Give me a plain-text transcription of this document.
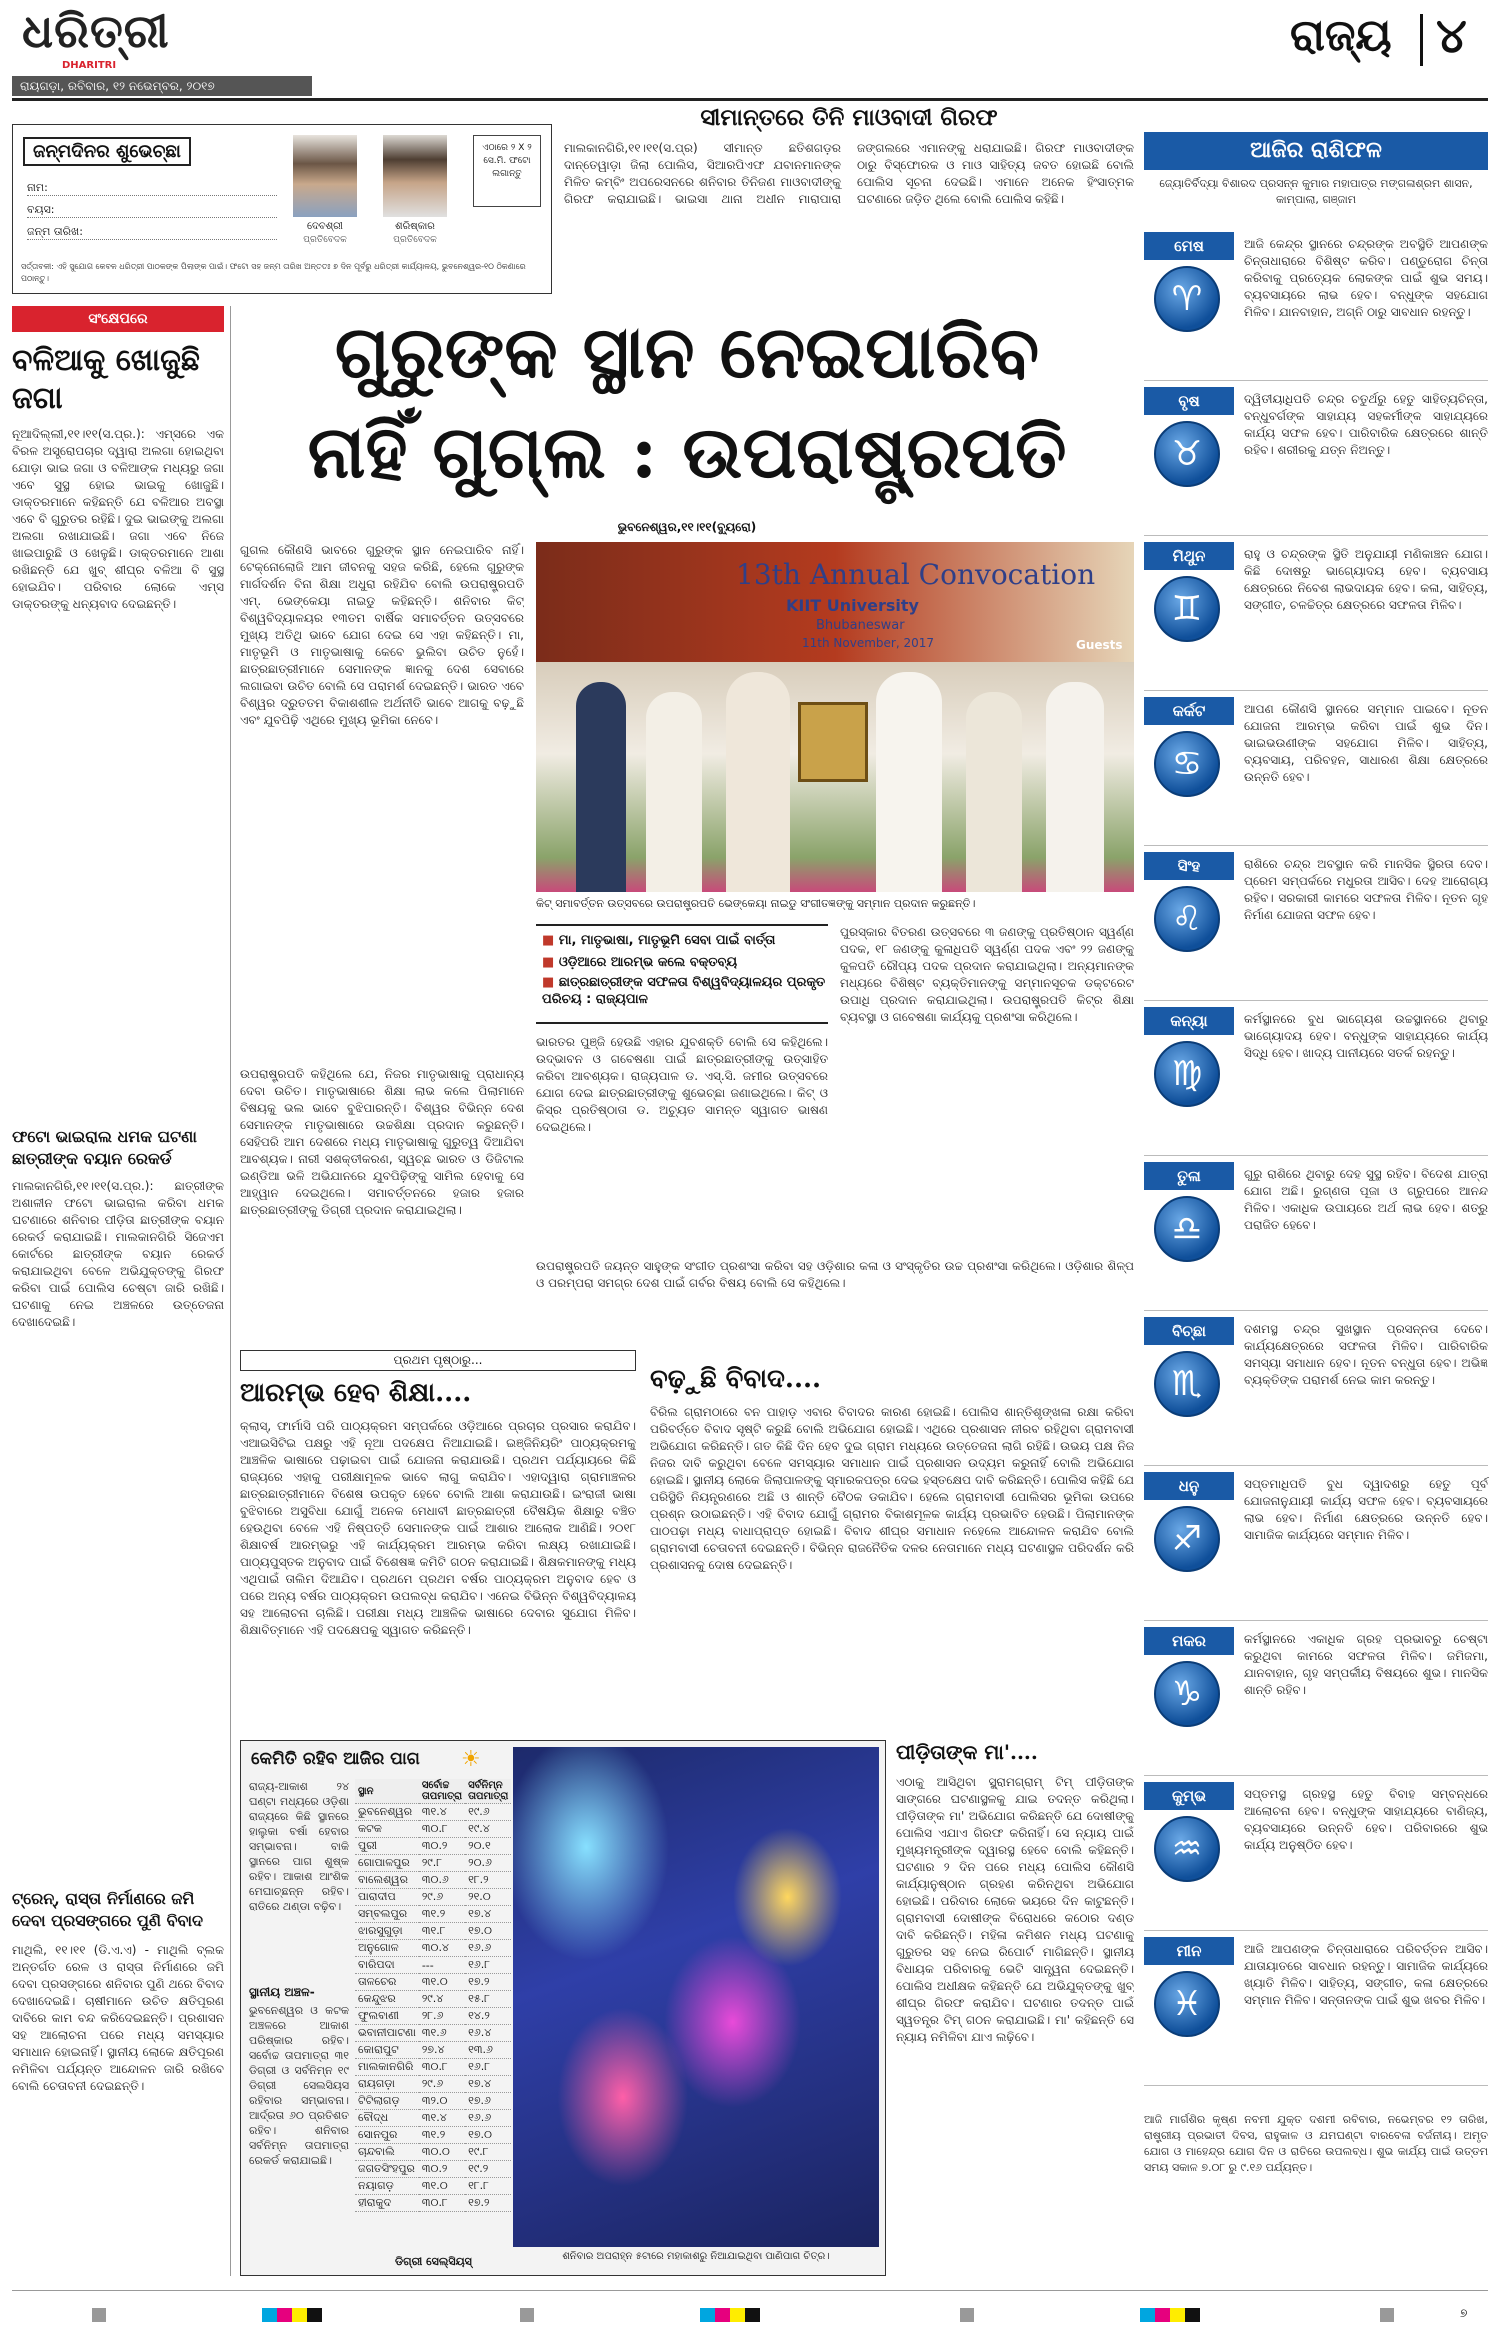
ଧରିତ୍ରୀ
DHARITRI
ରାୟଗଡ଼ା, ରବିବାର, ୧୨ ନଭେମ୍ବର, ୨୦୧୭
ରାଜ୍ୟ ୪
ଜନ୍ମଦିନର ଶୁଭେଚ୍ଛା
ନାମ:
ବୟସ:
ଜନ୍ମ ତାରିଖ:	ଦେବଶ୍ରୀ
ପ୍ରତିବେଦକ
ଶରିଷ୍କାର
ପ୍ରତିବେଦକ
ଏଠାରେ ୨ X ୨ ସେ.ମି. ଫଟୋ ଲଗାନ୍ତୁ
ସର୍ତ୍ତାବଳୀ: ଏହି ସୁଯୋଗ କେବଳ ଧରିତ୍ରୀ ପାଠକଙ୍କ ପିଲାଙ୍କ ପାଇଁ। ଫଟୋ ସହ ଜନ୍ମ ତାରିଖ ଅନ୍ତତଃ ୭ ଦିନ ପୂର୍ବରୁ ଧରିତ୍ରୀ କାର୍ଯ୍ୟାଳୟ, ଭୁବନେଶ୍ୱର-୧୦ ଠିକଣାରେ ପଠାନ୍ତୁ।
ସୀମାନ୍ତରେ ତିନି ମାଓବାଦୀ ଗିରଫ
ମାଲକାନଗିରି,୧୧।୧୧(ସ.ପ୍ର) ସୀମାନ୍ତ ଛତିଶଗଡ଼ର ଦାନ୍ତେୱାଡ଼ା ଜିଲା ପୋଲିସ, ସିଆରପିଏଫ ଯବାନମାନଙ୍କ ମିଳିତ କମ୍ବିଂ ଅପରେସନରେ ଶନିବାର ତିନିଜଣ ମାଓବାଦୀଙ୍କୁ ଗିରଫ କରାଯାଇଛି। ଭାଇସା ଥାନା ଅଧୀନ ମାରାପାରା ଜଙ୍ଗଲରେ ଏମାନଙ୍କୁ ଧରାଯାଇଛି। ଗିରଫ ମାଓବାଦୀଙ୍କ ଠାରୁ ବିସ୍ଫୋରକ ଓ ମାଓ ସାହିତ୍ୟ ଜବତ ହୋଇଛି ବୋଲି ପୋଲିସ ସୂଚନା ଦେଇଛି। ଏମାନେ ଅନେକ ହିଂସାତ୍ମକ ଘଟଣାରେ ଜଡ଼ିତ ଥିଲେ ବୋଲି ପୋଲିସ କହିଛି।
ଆଜିର ରାଶିଫଳ
ଜ୍ୟୋତିର୍ବିଦ୍ୟା ବିଶାରଦ ପ୍ରସନ୍ନ କୁମାର ମହାପାତ୍ର ମଙ୍ଗଳାଶ୍ରମ ଶାସନ, କାମ୍ପାଲା, ଗଞ୍ଜାମ
ମେଷ
♈
ଆଜି କେନ୍ଦ୍ର ସ୍ଥାନରେ ଚନ୍ଦ୍ରଙ୍କ ଅବସ୍ଥିତି ଆପଣଙ୍କ ଚିନ୍ତାଧାରାରେ ବିଶିଷ୍ଟ କରିବ। ପଣ୍ଡୁରୋଗ ଚିନ୍ତା କରିବାକୁ ପ୍ରତ୍ୟେକ ଲୋକଙ୍କ ପାଇଁ ଶୁଭ ସମୟ। ବ୍ୟବସାୟରେ ଲାଭ ହେବ। ବନ୍ଧୁଙ୍କ ସହଯୋଗ ମିଳିବ। ଯାନବାହାନ, ଅଗ୍ନି ଠାରୁ ସାବଧାନ ରହନ୍ତୁ।
ବୃଷ
♉
ଦ୍ୱିତୀୟାଧିପତି ଚନ୍ଦ୍ର ଚତୁର୍ଥରୁ ହେତୁ ସାହିତ୍ୟଚିନ୍ତା, ବନ୍ଧୁବର୍ଗଙ୍କ ସାହାଯ୍ୟ ସହକର୍ମୀଙ୍କ ସାହାଯ୍ୟରେ କାର୍ଯ୍ୟ ସଫଳ ହେବ। ପାରିବାରିକ କ୍ଷେତ୍ରରେ ଶାନ୍ତି ରହିବ। ଶରୀରକୁ ଯତ୍ନ ନିଅନ୍ତୁ।
ମିଥୁନ
♊
ରାହୁ ଓ ଚନ୍ଦ୍ରଙ୍କ ସ୍ଥିତି ଅନୁଯାୟୀ ମଣିକାଞ୍ଚନ ଯୋଗ। କିଛି ଦୋଷରୁ ଭାଗ୍ୟୋଦୟ ହେବ। ବ୍ୟବସାୟ କ୍ଷେତ୍ରରେ ନିବେଶ ଲାଭଦାୟକ ହେବ। କଳା, ସାହିତ୍ୟ, ସଙ୍ଗୀତ, ଚଳଚ୍ଚିତ୍ର କ୍ଷେତ୍ରରେ ସଫଳତା ମିଳିବ।
କର୍କଟ
♋
ଆପଣ କୌଣସି ସ୍ଥାନରେ ସମ୍ମାନ ପାଇବେ। ନୂତନ ଯୋଜନା ଆରମ୍ଭ କରିବା ପାଇଁ ଶୁଭ ଦିନ। ଭାଇଭଉଣୀଙ୍କ ସହଯୋଗ ମିଳିବ। ସାହିତ୍ୟ, ବ୍ୟବସାୟ, ପରିବହନ, ସାଧାରଣ ଶିକ୍ଷା କ୍ଷେତ୍ରରେ ଉନ୍ନତି ହେବ।
ସିଂହ
♌
ରାଶିରେ ଚନ୍ଦ୍ର ଅବସ୍ଥାନ କରି ମାନସିକ ସ୍ଥିରତା ଦେବ। ପ୍ରେମ ସମ୍ପର୍କରେ ମଧୁରତା ଆସିବ। ଦେହ ଆରୋଗ୍ୟ ରହିବ। ସରକାରୀ କାମରେ ସଫଳତା ମିଳିବ। ନୂତନ ଗୃହ ନିର୍ମାଣ ଯୋଜନା ସଫଳ ହେବ।
କନ୍ୟା
♍
କର୍ମସ୍ଥାନରେ ବୁଧ ଭାଗ୍ୟେଶ ଉଚ୍ଚସ୍ଥାନରେ ଥିବାରୁ ଭାଗ୍ୟୋଦୟ ହେବ। ବନ୍ଧୁଙ୍କ ସାହାଯ୍ୟରେ କାର୍ଯ୍ୟ ସିଦ୍ଧି ହେବ। ଖାଦ୍ୟ ପାନୀୟରେ ସତର୍କ ରହନ୍ତୁ।
ତୁଳା
♎
ଗୁରୁ ରାଶିରେ ଥିବାରୁ ଦେହ ସୁସ୍ଥ ରହିବ। ବିଦେଶ ଯାତ୍ରା ଯୋଗ ଅଛି। ରୁଗ୍‌ଣତା ପୂଜା ଓ ଗ୍ରୁପରେ ଆନନ୍ଦ ମିଳିବ। ଏକାଧିକ ଉପାୟରେ ଅର୍ଥ ଲାଭ ହେବ। ଶତ୍ରୁ ପରାଜିତ ହେବେ।
ବିଚ୍ଛା
♏
ଦଶମସ୍ଥ ଚନ୍ଦ୍ର ସୁଖସ୍ଥାନ ପ୍ରସନ୍ନତା ଦେବେ। କାର୍ଯ୍ୟକ୍ଷେତ୍ରରେ ସଫଳତା ମିଳିବ। ପାରିବାରିକ ସମସ୍ୟା ସମାଧାନ ହେବ। ନୂତନ ବନ୍ଧୁତା ହେବ। ଅଭିଜ୍ଞ ବ୍ୟକ୍ତିଙ୍କ ପରାମର୍ଶ ନେଇ କାମ କରନ୍ତୁ।
ଧନୁ
♐
ସପ୍ତମାଧିପତି ବୁଧ ଦ୍ୱାଦଶରୁ ହେତୁ ପୂର୍ବ ଯୋଜନାନୁଯାୟୀ କାର୍ଯ୍ୟ ସଫଳ ହେବ। ବ୍ୟବସାୟରେ ଲାଭ ହେବ। ନିର୍ମାଣ କ୍ଷେତ୍ରରେ ଉନ୍ନତି ହେବ। ସାମାଜିକ କାର୍ଯ୍ୟରେ ସମ୍ମାନ ମିଳିବ।
ମକର
♑
କର୍ମସ୍ଥାନରେ ଏକାଧିକ ଗ୍ରହ ପ୍ରଭାବରୁ ଚେଷ୍ଟା କରୁଥିବା କାମରେ ସଫଳତା ମିଳିବ। ଜମିଜମା, ଯାନବାହାନ, ଗୃହ ସମ୍ପର୍କୀୟ ବିଷୟରେ ଶୁଭ। ମାନସିକ ଶାନ୍ତି ରହିବ।
କୁମ୍ଭ
♒
ସପ୍ତମସ୍ଥ ଗ୍ରହସ୍ଥ ହେତୁ ବିବାହ ସମ୍ବନ୍ଧରେ ଆଲୋଚନା ହେବ। ବନ୍ଧୁଙ୍କ ସାହାଯ୍ୟରେ ବାଣିଜ୍ୟ, ବ୍ୟବସାୟରେ ଉନ୍ନତି ହେବ। ପରିବାରରେ ଶୁଭ କାର୍ଯ୍ୟ ଅନୁଷ୍ଠିତ ହେବ।
ମୀନ
♓
ଆଜି ଆପଣଙ୍କ ଚିନ୍ତାଧାରାରେ ପରିବର୍ତ୍ତନ ଆସିବ। ଯାତାୟାତରେ ସାବଧାନ ରହନ୍ତୁ। ସାମାଜିକ କାର୍ଯ୍ୟରେ ଖ୍ୟାତି ମିଳିବ। ସାହିତ୍ୟ, ସଙ୍ଗୀତ, କଳା କ୍ଷେତ୍ରରେ ସମ୍ମାନ ମିଳିବ। ସନ୍ତାନଙ୍କ ପାଇଁ ଶୁଭ ଖବର ମିଳିବ।
ଆଜି ମାର୍ଗଶିର କୃଷ୍ଣ ନବମୀ ଯୁକ୍ତ ଦଶମୀ ରବିବାର, ନଭେମ୍ବର ୧୨ ତାରିଖ, ରାଷ୍ଟ୍ରୀୟ ପ୍ରଭାତୀ ଦିବସ, ରାହୁକାଳ ଓ ଯମଘଣ୍ଟା ବାରବେଳା ବର୍ଜନୀୟ। ଅମୃତ ଯୋଗ ଓ ମାହେନ୍ଦ୍ର ଯୋଗ ଦିନ ଓ ରାତିରେ ଉପଲବ୍ଧ। ଶୁଭ କାର୍ଯ୍ୟ ପାଇଁ ଉତ୍ତମ ସମୟ ସକାଳ ୭.୦୮ ରୁ ୯.୧୬ ପର୍ଯ୍ୟନ୍ତ।
ସଂକ୍ଷେପରେ
ବଳିଆକୁ ଖୋଜୁଛି ଜଗା
ନୂଆଦିଲ୍ଲୀ,୧୧।୧୧(ସ.ପ୍ର.): ଏମ୍ସରେ ଏକ ବିରଳ ଅସ୍ତ୍ରୋପଚାର ଦ୍ୱାରା ଅଲଗା ହୋଇଥିବା ଯୋଡ଼ା ଭାଇ ଜଗା ଓ ବଳିଆଙ୍କ ମଧ୍ୟରୁ ଜଗା ଏବେ ସୁସ୍ଥ ହୋଇ ଭାଇକୁ ଖୋଜୁଛି। ଡାକ୍ତରମାନେ କହିଛନ୍ତି ଯେ ବଳିଆର ଅବସ୍ଥା ଏବେ ବି ଗୁରୁତର ରହିଛି। ଦୁଇ ଭାଇଙ୍କୁ ଅଲଗା ଅଲଗା ରଖାଯାଇଛି। ଜଗା ଏବେ ନିଜେ ଖାଇପାରୁଛି ଓ ଖେଳୁଛି। ଡାକ୍ତରମାନେ ଆଶା ରଖିଛନ୍ତି ଯେ ଖୁବ୍ ଶୀଘ୍ର ବଳିଆ ବି ସୁସ୍ଥ ହୋଇଯିବ। ପରିବାର ଲୋକେ ଏମ୍ସ ଡାକ୍ତରଙ୍କୁ ଧନ୍ୟବାଦ ଦେଇଛନ୍ତି।
ଫଟୋ ଭାଇରାଲ ଧମକ ଘଟଣା ଛାତ୍ରୀଙ୍କ ବୟାନ ରେକର୍ଡ
ମାଲକାନଗିରି,୧୧।୧୧(ସ.ପ୍ର.): ଛାତ୍ରୀଙ୍କ ଅଶାଳୀନ ଫଟୋ ଭାଇରାଲ କରିବା ଧମକ ଘଟଣାରେ ଶନିବାର ପୀଡ଼ିତା ଛାତ୍ରୀଙ୍କ ବୟାନ ରେକର୍ଡ କରାଯାଇଛି। ମାଲକାନଗିରି ସିଜେଏମ କୋର୍ଟରେ ଛାତ୍ରୀଙ୍କ ବୟାନ ରେକର୍ଡ କରାଯାଇଥିବା ବେଳେ ଅଭିଯୁକ୍ତଙ୍କୁ ଗିରଫ କରିବା ପାଇଁ ପୋଲିସ ଚେଷ୍ଟା ଜାରି ରଖିଛି। ଘଟଣାକୁ ନେଇ ଅଞ୍ଚଳରେ ଉତ୍ତେଜନା ଦେଖାଦେଇଛି।
ଟ୍ରେନ୍‌, ରାସ୍ତା ନିର୍ମାଣରେ ଜମି ଦେବା ପ୍ରସଙ୍ଗରେ ପୁଣି ବିବାଦ
ମାଥିଲି, ୧୧।୧୧ (ଡି.ଏ.ଏ) - ମାଥିଲି ବ୍ଲକ ଅନ୍ତର୍ଗତ ରେଳ ଓ ରାସ୍ତା ନିର୍ମାଣରେ ଜମି ଦେବା ପ୍ରସଙ୍ଗରେ ଶନିବାର ପୁଣି ଥରେ ବିବାଦ ଦେଖାଦେଇଛି। ଚାଷୀମାନେ ଉଚିତ କ୍ଷତିପୂରଣ ଦାବିରେ କାମ ବନ୍ଦ କରିଦେଇଛନ୍ତି। ପ୍ରଶାସନ ସହ ଆଲୋଚନା ପରେ ମଧ୍ୟ ସମସ୍ୟାର ସମାଧାନ ହୋଇନାହିଁ। ସ୍ଥାନୀୟ ଲୋକେ କ୍ଷତିପୂରଣ ନମିଳିବା ପର୍ଯ୍ୟନ୍ତ ଆନ୍ଦୋଳନ ଜାରି ରଖିବେ ବୋଲି ଚେତାବନୀ ଦେଇଛନ୍ତି।
ଗୁରୁଙ୍କ ସ୍ଥାନ ନେଇପାରିବ
ନାହିଁ ଗୁଗ୍‌ଲ : ଉପରାଷ୍ଟ୍ରପତି
ଭୁବନେଶ୍ୱର,୧୧।୧୧(ବ୍ୟୁରୋ)
ଗୁଗଲ କୌଣସି ଭାବରେ ଗୁରୁଙ୍କ ସ୍ଥାନ ନେଇପାରିବ ନାହିଁ। ଟେକ୍ନୋଲୋଜି ଆମ ଜୀବନକୁ ସହଜ କରିଛି, ହେଲେ ଗୁରୁଙ୍କ ମାର୍ଗଦର୍ଶନ ବିନା ଶିକ୍ଷା ଅଧୁରା ରହିଯିବ ବୋଲି ଉପରାଷ୍ଟ୍ରପତି ଏମ୍‌. ଭେଙ୍କେୟା ନାଇଡୁ କହିଛନ୍ତି। ଶନିବାର କିଟ୍‌ ବିଶ୍ୱବିଦ୍ୟାଳୟର ୧୩ତମ ବାର୍ଷିକ ସମାବର୍ତ୍ତନ ଉତ୍ସବରେ ମୁଖ୍ୟ ଅତିଥି ଭାବେ ଯୋଗ ଦେଇ ସେ ଏହା କହିଛନ୍ତି। ମା, ମାତୃଭୂମି ଓ ମାତୃଭାଷାକୁ କେବେ ଭୁଲିବା ଉଚିତ ନୁହେଁ। ଛାତ୍ରଛାତ୍ରୀମାନେ ସେମାନଙ୍କ ଜ୍ଞାନକୁ ଦେଶ ସେବାରେ ଲଗାଇବା ଉଚିତ ବୋଲି ସେ ପରାମର୍ଶ ଦେଇଛନ୍ତି। ଭାରତ ଏବେ ବିଶ୍ୱର ଦ୍ରୁତତମ ବିକାଶଶୀଳ ଅର୍ଥନୀତି ଭାବେ ଆଗକୁ ବଢ଼ୁଛି ଏବଂ ଯୁବପିଢ଼ି ଏଥିରେ ମୁଖ୍ୟ ଭୂମିକା ନେବେ।
13th Annual Convocation
KIIT University
Bhubaneswar
11th November, 2017	Guests
କିଟ୍‌ ସମାବର୍ତ୍ତନ ଉତ୍ସବରେ ଉପରାଷ୍ଟ୍ରପତି ଭେଙ୍କେୟା ନାଇଡୁ ସଂଗୀତଜ୍ଞଙ୍କୁ ସମ୍ମାନ ପ୍ରଦାନ କରୁଛନ୍ତି।
ପୁରସ୍କାର ବିତରଣ ଉତ୍ସବରେ ୩ ଜଣଙ୍କୁ ପ୍ରତିଷ୍ଠାନ ସ୍ୱର୍ଣ୍ଣ ପଦକ, ୧୮ ଜଣଙ୍କୁ କୁଳାଧିପତି ସ୍ୱର୍ଣ୍ଣ ପଦକ ଏବଂ ୨୨ ଜଣଙ୍କୁ କୁଳପତି ରୌପ୍ୟ ପଦକ ପ୍ରଦାନ କରାଯାଇଥିଲା। ଅନ୍ୟମାନଙ୍କ ମଧ୍ୟରେ ବିଶିଷ୍ଟ ବ୍ୟକ୍ତିମାନଙ୍କୁ ସମ୍ମାନସୂଚକ ଡକ୍ଟରେଟ ଉପାଧି ପ୍ରଦାନ କରାଯାଇଥିଲା। ଉପରାଷ୍ଟ୍ରପତି କିଟ୍‌ର ଶିକ୍ଷା ବ୍ୟବସ୍ଥା ଓ ଗବେଷଣା କାର୍ଯ୍ୟକୁ ପ୍ରଶଂସା କରିଥିଲେ।
■ ମା, ମାତୃଭାଷା, ମାତୃଭୂମି ସେବା ପାଇଁ ବାର୍ତ୍ତା
■ ଓଡ଼ିଆରେ ଆରମ୍ଭ କଲେ ବକ୍ତବ୍ୟ
■ ଛାତ୍ରଛାତ୍ରୀଙ୍କ ସଫଳତା ବିଶ୍ୱବିଦ୍ୟାଳୟର ପ୍ରକୃତ ପରିଚୟ : ରାଜ୍ୟପାଳ
ଭାରତର ପୁଞ୍ଜି ହେଉଛି ଏହାର ଯୁବଶକ୍ତି ବୋଲି ସେ କହିଥିଲେ। ଉଦ୍ଭାବନ ଓ ଗବେଷଣା ପାଇଁ ଛାତ୍ରଛାତ୍ରୀଙ୍କୁ ଉତ୍ସାହିତ କରିବା ଆବଶ୍ୟକ। ରାଜ୍ୟପାଳ ଡ. ଏସ୍‌.ସି. ଜମୀର ଉତ୍ସବରେ ଯୋଗ ଦେଇ ଛାତ୍ରଛାତ୍ରୀଙ୍କୁ ଶୁଭେଚ୍ଛା ଜଣାଇଥିଲେ। କିଟ୍‌ ଓ କିସ୍‌ର ପ୍ରତିଷ୍ଠାତା ଡ. ଅଚ୍ୟୁତ ସାମନ୍ତ ସ୍ୱାଗତ ଭାଷଣ ଦେଇଥିଲେ।
ଉପରାଷ୍ଟ୍ରପତି କହିଥିଲେ ଯେ, ନିଜର ମାତୃଭାଷାକୁ ପ୍ରାଧାନ୍ୟ ଦେବା ଉଚିତ। ମାତୃଭାଷାରେ ଶିକ୍ଷା ଲାଭ କଲେ ପିଲାମାନେ ବିଷୟକୁ ଭଲ ଭାବେ ବୁଝିପାରନ୍ତି। ବିଶ୍ୱର ବିଭିନ୍ନ ଦେଶ ସେମାନଙ୍କ ମାତୃଭାଷାରେ ଉଚ୍ଚଶିକ୍ଷା ପ୍ରଦାନ କରୁଛନ୍ତି। ସେହିପରି ଆମ ଦେଶରେ ମଧ୍ୟ ମାତୃଭାଷାକୁ ଗୁରୁତ୍ୱ ଦିଆଯିବା ଆବଶ୍ୟକ। ନାରୀ ସଶକ୍ତୀକରଣ, ସ୍ୱଚ୍ଛ ଭାରତ ଓ ଡିଜିଟାଲ ଇଣ୍ଡିଆ ଭଳି ଅଭିଯାନରେ ଯୁବପିଢ଼ିଙ୍କୁ ସାମିଲ ହେବାକୁ ସେ ଆହ୍ୱାନ ଦେଇଥିଲେ। ସମାବର୍ତ୍ତନରେ ହଜାର ହଜାର ଛାତ୍ରଛାତ୍ରୀଙ୍କୁ ଡିଗ୍ରୀ ପ୍ରଦାନ କରାଯାଇଥିଲା।
ଉପରାଷ୍ଟ୍ରପତି ଜୟନ୍ତ ସାହୁଙ୍କ ସଂଗୀତ ପ୍ରଶଂସା କରିବା ସହ ଓଡ଼ିଶାର କଳା ଓ ସଂସ୍କୃତିର ଉଚ୍ଚ ପ୍ରଶଂସା କରିଥିଲେ। ଓଡ଼ିଶାର ଶିଳ୍ପ ଓ ପରମ୍ପରା ସମଗ୍ର ଦେଶ ପାଇଁ ଗର୍ବର ବିଷୟ ବୋଲି ସେ କହିଥିଲେ।
ପ୍ରଥମ ପୃଷ୍ଠାରୁ...
ଆରମ୍ଭ ହେବ ଶିକ୍ଷା....
କ୍ଲାସ୍‌, ଫାର୍ମାସି ପରି ପାଠ୍ୟକ୍ରମ ସମ୍ପର୍କରେ ଓଡ଼ିଆରେ ପ୍ରଚାର ପ୍ରସାର କରାଯିବ। ଏଆଇସିଟିଇ ପକ୍ଷରୁ ଏହି ନୂଆ ପଦକ୍ଷେପ ନିଆଯାଇଛି। ଇଞ୍ଜିନିୟରିଂ ପାଠ୍ୟକ୍ରମକୁ ଆଞ୍ଚଳିକ ଭାଷାରେ ପଢ଼ାଇବା ପାଇଁ ଯୋଜନା କରାଯାଉଛି। ପ୍ରଥମ ପର୍ଯ୍ୟାୟରେ କିଛି ରାଜ୍ୟରେ ଏହାକୁ ପରୀକ୍ଷାମୂଳକ ଭାବେ ଲାଗୁ କରାଯିବ। ଏହାଦ୍ୱାରା ଗ୍ରାମାଞ୍ଚଳର ଛାତ୍ରଛାତ୍ରୀମାନେ ବିଶେଷ ଉପକୃତ ହେବେ ବୋଲି ଆଶା କରାଯାଉଛି। ଇଂରାଜୀ ଭାଷା ବୁଝିବାରେ ଅସୁବିଧା ଯୋଗୁଁ ଅନେକ ମେଧାବୀ ଛାତ୍ରଛାତ୍ରୀ ବୈଷୟିକ ଶିକ୍ଷାରୁ ବଞ୍ଚିତ ହେଉଥିବା ବେଳେ ଏହି ନିଷ୍ପତ୍ତି ସେମାନଙ୍କ ପାଇଁ ଆଶାର ଆଲୋକ ଆଣିଛି। ୨୦୧୮ ଶିକ୍ଷାବର୍ଷ ଆରମ୍ଭରୁ ଏହି କାର୍ଯ୍ୟକ୍ରମ ଆରମ୍ଭ କରିବା ଲକ୍ଷ୍ୟ ରଖାଯାଇଛି। ପାଠ୍ୟପୁସ୍ତକ ଅନୁବାଦ ପାଇଁ ବିଶେଷଜ୍ଞ କମିଟି ଗଠନ କରାଯାଇଛି। ଶିକ୍ଷକମାନଙ୍କୁ ମଧ୍ୟ ଏଥିପାଇଁ ତାଲିମ ଦିଆଯିବ। ପ୍ରଥମେ ପ୍ରଥମ ବର୍ଷର ପାଠ୍ୟକ୍ରମ ଅନୁବାଦ ହେବ ଓ ପରେ ଅନ୍ୟ ବର୍ଷର ପାଠ୍ୟକ୍ରମ ଉପଲବ୍ଧ କରାଯିବ। ଏନେଇ ବିଭିନ୍ନ ବିଶ୍ୱବିଦ୍ୟାଳୟ ସହ ଆଲୋଚନା ଚାଲିଛି। ପରୀକ୍ଷା ମଧ୍ୟ ଆଞ୍ଚଳିକ ଭାଷାରେ ଦେବାର ସୁଯୋଗ ମିଳିବ। ଶିକ୍ଷାବିତ୍‌ମାନେ ଏହି ପଦକ୍ଷେପକୁ ସ୍ୱାଗତ କରିଛନ୍ତି।
ବଢ଼ୁଛି ବିବାଦ....
ବିରିଲ ଗ୍ରାମଠାରେ ବନ ପାହାଡ଼ ଏବାର ବିବାଦର କାରଣ ହୋଇଛି। ପୋଲିସ ଶାନ୍ତିଶୃଙ୍ଖଳା ରକ୍ଷା କରିବା ପରିବର୍ତ୍ତେ ବିବାଦ ସୃଷ୍ଟି କରୁଛି ବୋଲି ଅଭିଯୋଗ ହୋଇଛି। ଏଥିରେ ପ୍ରଶାସନ ନୀରବ ରହିଥିବା ଗ୍ରାମବାସୀ ଅଭିଯୋଗ କରିଛନ୍ତି। ଗତ କିଛି ଦିନ ହେବ ଦୁଇ ଗ୍ରାମ ମଧ୍ୟରେ ଉତ୍ତେଜନା ଲାଗି ରହିଛି। ଉଭୟ ପକ୍ଷ ନିଜ ନିଜର ଦାବି କରୁଥିବା ବେଳେ ସମସ୍ୟାର ସମାଧାନ ପାଇଁ ପ୍ରଶାସନ ଉଦ୍ୟମ କରୁନାହିଁ ବୋଲି ଅଭିଯୋଗ ହୋଇଛି। ସ୍ଥାନୀୟ ଲୋକେ ଜିଲାପାଳଙ୍କୁ ସ୍ମାରକପତ୍ର ଦେଇ ହସ୍ତକ୍ଷେପ ଦାବି କରିଛନ୍ତି। ପୋଲିସ କହିଛି ଯେ ପରିସ୍ଥିତି ନିୟନ୍ତ୍ରଣରେ ଅଛି ଓ ଶାନ୍ତି ବୈଠକ ଡକାଯିବ। ହେଲେ ଗ୍ରାମବାସୀ ପୋଲିସର ଭୂମିକା ଉପରେ ପ୍ରଶ୍ନ ଉଠାଇଛନ୍ତି। ଏହି ବିବାଦ ଯୋଗୁଁ ଗ୍ରାମର ବିକାଶମୂଳକ କାର୍ଯ୍ୟ ପ୍ରଭାବିତ ହେଉଛି। ପିଲାମାନଙ୍କ ପାଠପଢ଼ା ମଧ୍ୟ ବାଧାପ୍ରାପ୍ତ ହୋଇଛି। ବିବାଦ ଶୀଘ୍ର ସମାଧାନ ନହେଲେ ଆନ୍ଦୋଳନ କରାଯିବ ବୋଲି ଗ୍ରାମବାସୀ ଚେତାବନୀ ଦେଇଛନ୍ତି। ବିଭିନ୍ନ ରାଜନୈତିକ ଦଳର ନେତାମାନେ ମଧ୍ୟ ଘଟଣାସ୍ଥଳ ପରିଦର୍ଶନ କରି ପ୍ରଶାସନକୁ ଦୋଷ ଦେଇଛନ୍ତି।
କେମିତି ରହିବ ଆଜିର ପାଗ ☀
ରାଜ୍ୟ-ଆକାଶ ୨୪ ଘଣ୍ଟା ମଧ୍ୟରେ ଓଡ଼ିଶା ରାଜ୍ୟରେ କିଛି ସ୍ଥାନରେ ହାଲୁକା ବର୍ଷା ହେବାର ସମ୍ଭାବନା। ବାକି ସ୍ଥାନରେ ପାଗ ଶୁଷ୍କ ରହିବ। ଆକାଶ ଆଂଶିକ ମେଘାଚ୍ଛନ୍ନ ରହିବ। ରାତିରେ ଥଣ୍ଡା ବଢ଼ିବ।
ସ୍ଥାନୀୟ ଅଞ୍ଚଳ-
ଭୁବନେଶ୍ୱର ଓ କଟକ ଅଞ୍ଚଳରେ ଆକାଶ ପରିଷ୍କାର ରହିବ। ସର୍ବୋଚ୍ଚ ତାପମାତ୍ରା ୩୧ ଡିଗ୍ରୀ ଓ ସର୍ବନିମ୍ନ ୧୯ ଡିଗ୍ରୀ ସେଲସିୟସ ରହିବାର ସମ୍ଭାବନା। ଆର୍ଦ୍ରତା ୬୦ ପ୍ରତିଶତ ରହିବ। ଶନିବାର ସର୍ବନିମ୍ନ ତାପମାତ୍ରା ରେକର୍ଡ କରାଯାଇଛି।
ସ୍ଥାନ	ସର୍ବୋଚ୍ଚ ତାପମାତ୍ରା	ସର୍ବନିମ୍ନ ତାପମାତ୍ରା
ଭୁବନେଶ୍ୱର	୩୧.୪	୧୯.୬
କଟକ	୩୦.୮	୧୯.୪
ପୁରୀ	୩୦.୨	୨୦.୧
ଗୋପାଳପୁର	୨୯.୮	୨୦.୬
ବାଲେଶ୍ୱର	୩୦.୬	୧୮.୨
ପାରାଦୀପ	୨୯.୬	୨୧.୦
ସମ୍ବଲପୁର	୩୧.୨	୧୭.୪
ଝାରସୁଗୁଡ଼ା	୩୧.୮	୧୭.୦
ଅନୁଗୋଳ	୩୦.୪	୧୬.୬
ବାରିପଦା	---	୧୬.୮
ତାଳଚେର	୩୧.୦	୧୭.୨
କେନ୍ଦୁଝର	୨୯.୪	୧୫.୮
ଫୁଲବାଣୀ	୨୮.୬	୧୪.୨
ଭବାନୀପାଟଣା	୩୧.୬	୧୬.୪
କୋରାପୁଟ	୨୭.୪	୧୩.୬
ମାଲକାନଗିରି	୩୦.୮	୧୬.୮
ରାୟଗଡ଼ା	୨୯.୬	୧୭.୪
ଟିଟିଲାଗଡ଼	୩୨.୦	୧୭.୬
ବୌଦ୍ଧ	୩୧.୪	୧୬.୬
ସୋନପୁର	୩୧.୨	୧୭.୦
ଚାନ୍ଦବାଲି	୩୦.୦	୧୯.୮
ଜଗତସିଂହପୁର	୩୦.୨	୧୯.୨
ନୟାଗଡ଼	୩୧.୦	୧୮.୮
ହୀରାକୁଦ	୩୦.୮	୧୭.୨
ଡିଗ୍ରୀ ସେଲ୍‌ସିୟସ୍‌	ଶନିବାର ଅପରାହ୍ନ ୫ଟାରେ ମହାକାଶରୁ ନିଆଯାଇଥିବା ପାଣିପାଗ ଚିତ୍ର।
ପୀଡ଼ିତାଙ୍କ ମା'....
ଏଠାକୁ ଆସିଥିବା ସ୍କ୍ରାମଗ୍ରାମ୍‌ ଟିମ୍‌ ପୀଡ଼ିତାଙ୍କ ସାଙ୍ଗରେ ଘଟଣାସ୍ଥଳକୁ ଯାଇ ତଦନ୍ତ କରିଥିଲା। ପୀଡ଼ିତାଙ୍କ ମା' ଅଭିଯୋଗ କରିଛନ୍ତି ଯେ ଦୋଷୀଙ୍କୁ ପୋଲିସ ଏଯାଏ ଗିରଫ କରିନାହିଁ। ସେ ନ୍ୟାୟ ପାଇଁ ମୁଖ୍ୟମନ୍ତ୍ରୀଙ୍କ ଦ୍ୱାରସ୍ଥ ହେବେ ବୋଲି କହିଛନ୍ତି। ଘଟଣାର ୨ ଦିନ ପରେ ମଧ୍ୟ ପୋଲିସ କୌଣସି କାର୍ଯ୍ୟାନୁଷ୍ଠାନ ଗ୍ରହଣ କରିନଥିବା ଅଭିଯୋଗ ହୋଇଛି। ପରିବାର ଲୋକେ ଭୟରେ ଦିନ କାଟୁଛନ୍ତି। ଗ୍ରାମବାସୀ ଦୋଷୀଙ୍କ ବିରୋଧରେ କଠୋର ଦଣ୍ଡ ଦାବି କରିଛନ୍ତି। ମହିଳା କମିଶନ ମଧ୍ୟ ଘଟଣାକୁ ଗୁରୁତର ସହ ନେଇ ରିପୋର୍ଟ ମାଗିଛନ୍ତି। ସ୍ଥାନୀୟ ବିଧାୟକ ପରିବାରକୁ ଭେଟି ସାନ୍ତ୍ୱନା ଦେଇଛନ୍ତି। ପୋଲିସ ଅଧୀକ୍ଷକ କହିଛନ୍ତି ଯେ ଅଭିଯୁକ୍ତଙ୍କୁ ଖୁବ୍‌ ଶୀଘ୍ର ଗିରଫ କରାଯିବ। ଘଟଣାର ତଦନ୍ତ ପାଇଁ ସ୍ୱତନ୍ତ୍ର ଟିମ୍‌ ଗଠନ କରାଯାଇଛି। ମା' କହିଛନ୍ତି ସେ ନ୍ୟାୟ ନମିଳିବା ଯାଏ ଲଢ଼ିବେ।
୭
